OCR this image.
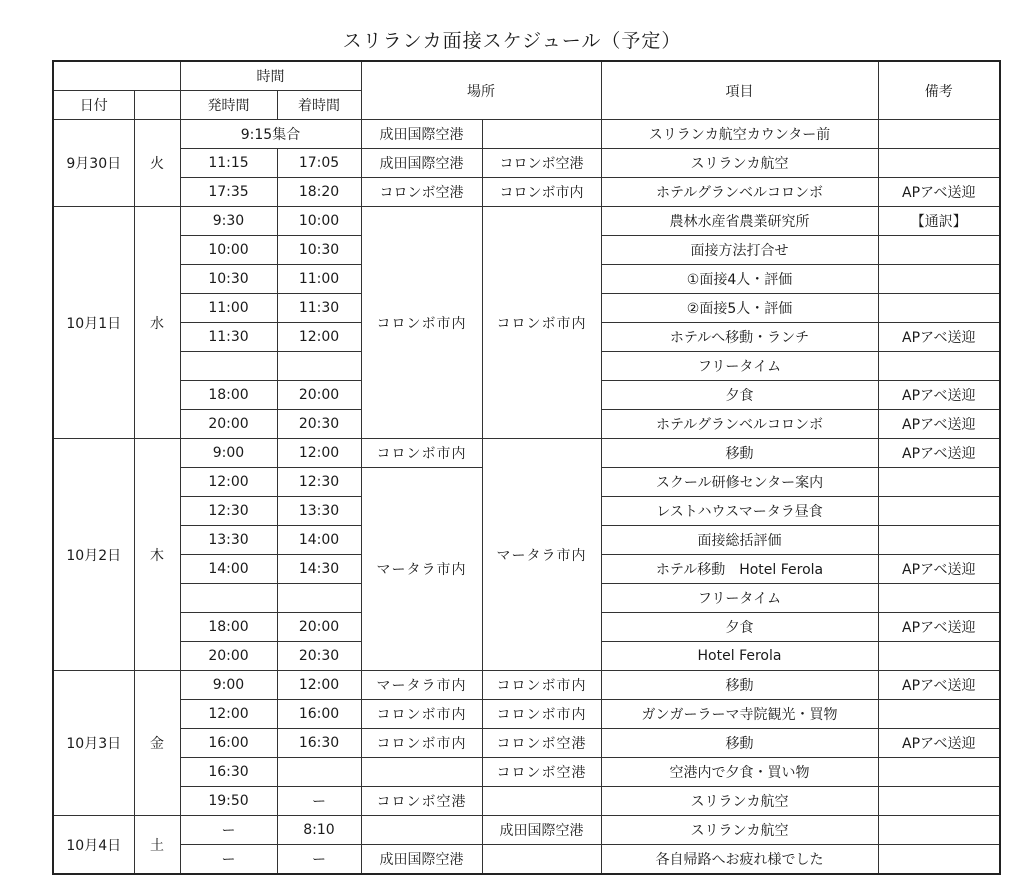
スリランカ面接スケジュール（予定）
		時間		場所		項目	備考
日付		発時間	着時間				
9月30日	火	9:15集合		成田国際空港		スリランカ航空カウンター前	
		11:15	17:05	成田国際空港	コロンボ空港	スリランカ航空	
		17:35	18:20	コロンボ空港	コロンボ市内	ホテルグランベルコロンボ	APアベ送迎
10月1日	水	9:30	10:00	コロンボ市内	コロンボ市内	農林水産省農業研究所	【通訳】
		10:00	10:30			面接方法打合せ	
		10:30	11:00			①面接4人・評価	
		11:00	11:30			②面接5人・評価	
		11:30	12:00			ホテルへ移動・ランチ	APアベ送迎
						フリータイム	
		18:00	20:00			夕食	APアベ送迎
		20:00	20:30			ホテルグランベルコロンボ	APアベ送迎
10月2日	木	9:00	12:00	コロンボ市内	マータラ市内	移動	APアベ送迎
		12:00	12:30	マータラ市内		スクール研修センター案内	
		12:30	13:30			レストハウスマータラ昼食	
		13:30	14:00			面接総括評価	
		14:00	14:30			ホテル移動　Hotel Ferola	APアベ送迎
						フリータイム	
		18:00	20:00			夕食	APアベ送迎
		20:00	20:30			Hotel Ferola	
10月3日	金	9:00	12:00	マータラ市内	コロンボ市内	移動	APアベ送迎
		12:00	16:00	コロンボ市内	コロンボ市内	ガンガーラーマ寺院観光・買物	
		16:00	16:30	コロンボ市内	コロンボ空港	移動	APアベ送迎
		16:30			コロンボ空港	空港内で夕食・買い物	
		19:50	ー	コロンボ空港		スリランカ航空	
10月4日	土	ー	8:10		成田国際空港	スリランカ航空	
		ー	ー	成田国際空港		各自帰路へお疲れ様でした	
